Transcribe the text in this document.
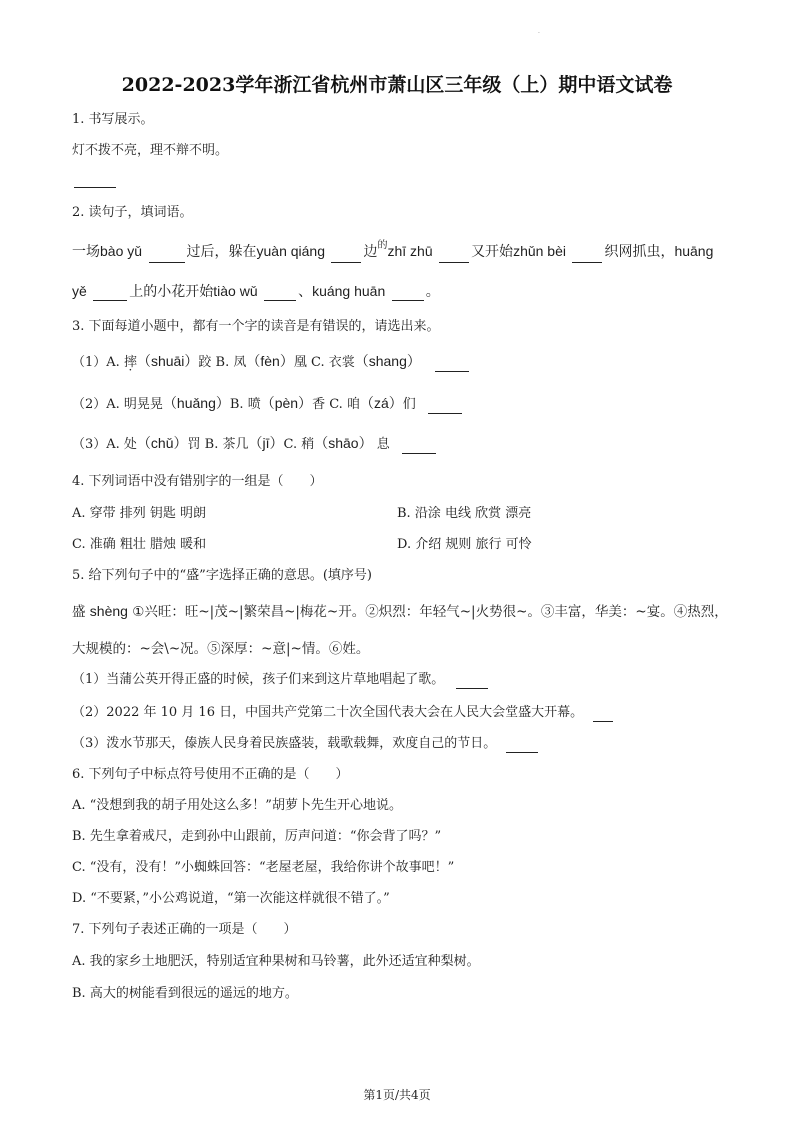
·
2022-2023学年浙江省杭州市萧山区三年级（上）期中语文试卷
1. 书写展示。
灯不拨不亮，理不辩不明。
2. 读句子，填词语。
一场bào yǔ	过后，躲在yuàn qiáng	边$^的$zhī zhū	又开始zhǔn bèi	织网抓虫，huāng
yě	上的小花开始tiào wǔ	、kuáng huān	。
3. 下面每道小题中，都有一个字的读音是有错误的，请选出来。
（1）A. 摔（shuāi）跤 B. 凤（fèn）凰 C. 衣裳（shang）
（2）A. 明晃晃（huǎng）B. 喷（pèn）香 C. 咱（zá）们
（3）A. 处（chǔ）罚 B. 茶几（jī）C. 稍（shāo） 息
4. 下列词语中没有错别字的一组是（　　）
A. 穿带 排列 钥匙 明朗	B. 沿涂 电线 欣赏 漂亮
C. 准确 粗壮 腊烛 暖和	D. 介绍 规则 旅行 可怜
5. 给下列句子中的“盛”字选择正确的意思。(填序号)
盛 shèng ①兴旺：旺~|茂~|繁荣昌~|梅花~开。②炽烈：年轻气~|火势很~。③丰富，华美：~宴。④热烈，
大规模的：~会\~况。⑤深厚：~意|~情。⑥姓。
（1）当蒲公英开得正盛的时候，孩子们来到这片草地唱起了歌。
（2）2022 年 10 月 16 日，中国共产党第二十次全国代表大会在人民大会堂盛大开幕。
（3）泼水节那天，傣族人民身着民族盛装，载歌载舞，欢度自己的节日。
6. 下列句子中标点符号使用不正确的是（　　）
A. “没想到我的胡子用处这么多！”胡萝卜先生开心地说。
B. 先生拿着戒尺，走到孙中山跟前，厉声问道：“你会背了吗？”
C. “没有，没有！”小蜘蛛回答：“老屋老屋，我给你讲个故事吧！”
D. “不要紧，”小公鸡说道，“第一次能这样就很不错了。”
7. 下列句子表述正确的一项是（　　）
A. 我的家乡土地肥沃，特别适宜种果树和马铃薯，此外还适宜种梨树。
B. 高大的树能看到很远的遥远的地方。
第1页/共4页
